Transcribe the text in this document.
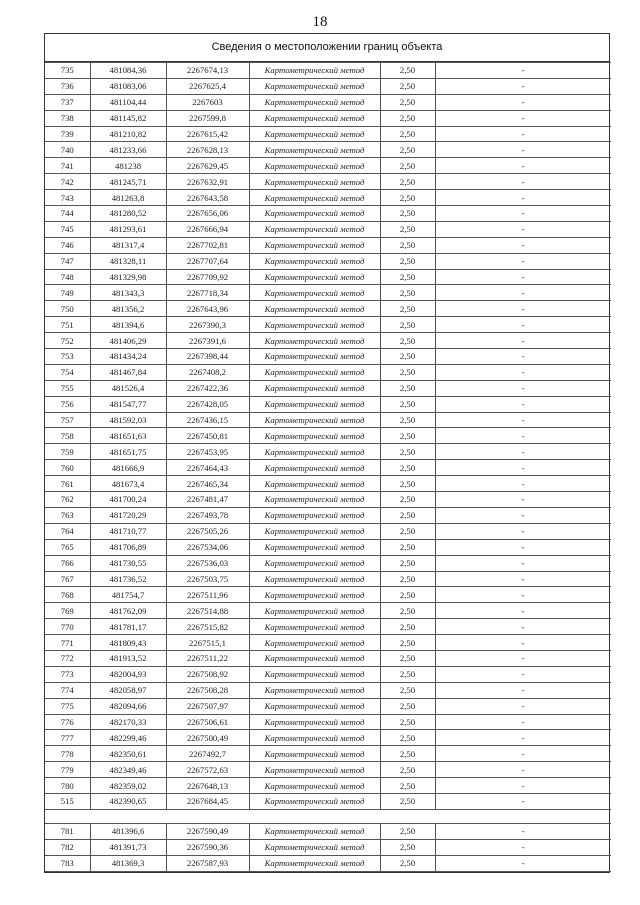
18
Сведения о местоположении границ объекта
735	481084,36	2267674,13	Картометрический метод	2,50		-
736	481083,06	2267625,4	Картометрический метод	2,50		-
737	481104,44	2267603	Картометрический метод	2,50		-
738	481145,82	2267599,8	Картометрический метод	2,50		-
739	481210,82	2267615,42	Картометрический метод	2,50		-
740	481233,66	2267628,13	Картометрический метод	2,50		-
741	481238	2267629,45	Картометрический метод	2,50		-
742	481245,71	2267632,91	Картометрический метод	2,50		-
743	481263,8	2267643,58	Картометрический метод	2,50		-
744	481280,52	2267656,06	Картометрический метод	2,50		-
745	481293,61	2267666,94	Картометрический метод	2,50		-
746	481317,4	2267702,81	Картометрический метод	2,50		-
747	481328,11	2267707,64	Картометрический метод	2,50		-
748	481329,98	2267709,92	Картометрический метод	2,50		-
749	481343,3	2267718,34	Картометрический метод	2,50		-
750	481356,2	2267643,96	Картометрический метод	2,50		-
751	481394,6	2267390,3	Картометрический метод	2,50		-
752	481406,29	2267391,6	Картометрический метод	2,50		-
753	481434,24	2267398,44	Картометрический метод	2,50		-
754	481467,84	2267408,2	Картометрический метод	2,50		-
755	481526,4	2267422,36	Картометрический метод	2,50		-
756	481547,77	2267428,05	Картометрический метод	2,50		-
757	481592,03	2267436,15	Картометрический метод	2,50		-
758	481651,63	2267450,81	Картометрический метод	2,50		-
759	481651,75	2267453,95	Картометрический метод	2,50		-
760	481666,9	2267464,43	Картометрический метод	2,50		-
761	481673,4	2267465,34	Картометрический метод	2,50		-
762	481700,24	2267481,47	Картометрический метод	2,50		-
763	481720,29	2267493,78	Картометрический метод	2,50		-
764	481710,77	2267505,26	Картометрический метод	2,50		-
765	481706,89	2267534,06	Картометрический метод	2,50		-
766	481730,55	2267536,03	Картометрический метод	2,50		-
767	481736,52	2267503,75	Картометрический метод	2,50		-
768	481754,7	2267511,96	Картометрический метод	2,50		-
769	481762,09	2267514,88	Картометрический метод	2,50		-
770	481781,17	2267515,82	Картометрический метод	2,50		-
771	481809,43	2267515,1	Картометрический метод	2,50		-
772	481913,52	2267511,22	Картометрический метод	2,50		-
773	482004,93	2267508,92	Картометрический метод	2,50		-
774	482058,97	2267508,28	Картометрический метод	2,50		-
775	482094,66	2267507,97	Картометрический метод	2,50		-
776	482170,33	2267506,61	Картометрический метод	2,50		-
777	482299,46	2267500,49	Картометрический метод	2,50		-
778	482350,61	2267492,7	Картометрический метод	2,50		-
779	482349,46	2267572,63	Картометрический метод	2,50		-
780	482359,02	2267648,13	Картометрический метод	2,50		-
515	482390,65	2267684,45	Картометрический метод	2,50		-

781	481396,6	2267590,49	Картометрический метод	2,50		-
782	481391,73	2267590,36	Картометрический метод	2,50		-
783	481369,3	2267587,93	Картометрический метод	2,50		-
